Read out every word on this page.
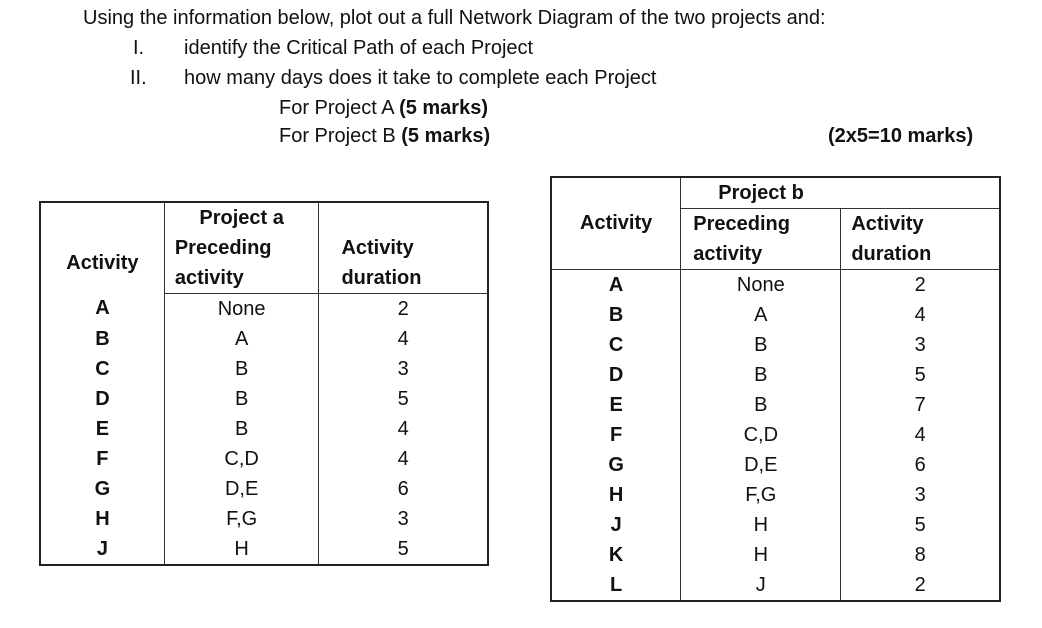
Using the information below, plot out a full Network Diagram of the two projects and:
I. identify the Critical Path of each Project
II. how many days does it take to complete each Project
For Project A (5 marks)
For Project B (5 marks)	(2x5=10 marks)
	Project a	
Activity	Preceding	Activity
	activity	duration
A	None	2
B	A	4
C	B	3
D	B	5
E	B	4
F	C,D	4
G	D,E	6
H	F,G	3
J	H	5
	Project b	
Activity	Preceding	Activity
	activity	duration
A	None	2
B	A	4
C	B	3
D	B	5
E	B	7
F	C,D	4
G	D,E	6
H	F,G	3
J	H	5
K	H	8
L	J	2
